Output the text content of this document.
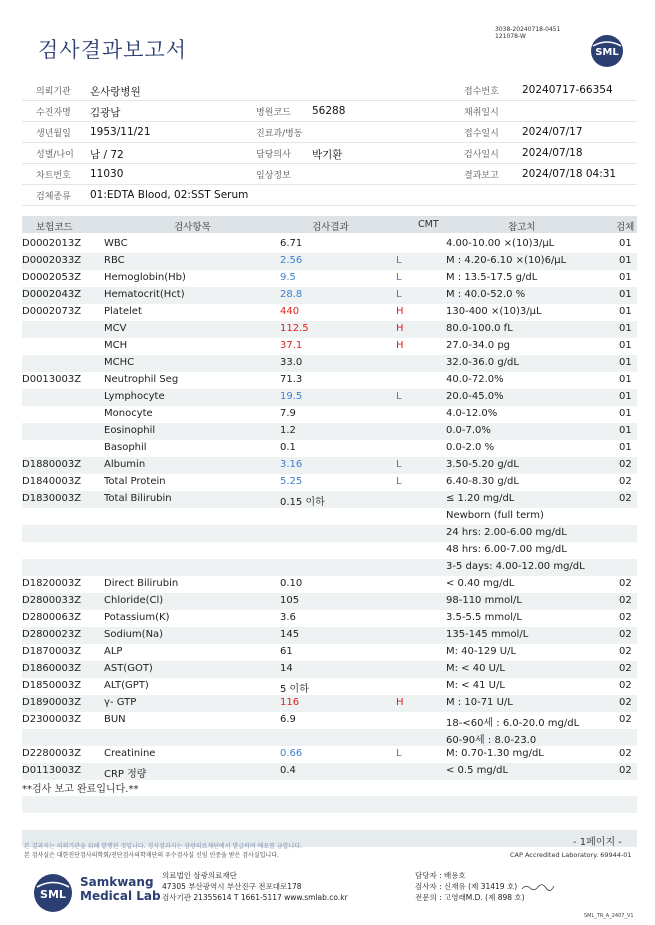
검사결과보고서
3038-20240718-0451
121078-W
SML
의뢰기관 온사랑병원	접수번호 20240717-66354
수진자명 김광남	병원코드 56288	채취일시
생년월일 1953/11/21	진료과/병동	접수일시 2024/07/17
성별/나이 남 / 72	담당의사 박기환	검사일시 2024/07/18
차트번호 11030	임상정보	결과보고 2024/07/18 04:31
검체종류 01:EDTA Blood, 02:SST Serum
보험코드	검사항목	검사결과	CMT	참고치	검체
D0002013Z WBC	6.71	4.00-10.00 ×(10)3/μL	01
D0002033Z RBC	2.56	L	M : 4.20-6.10 ×(10)6/μL	01
D0002053Z Hemoglobin(Hb)	9.5	L	M : 13.5-17.5 g/dL	01
D0002043Z Hematocrit(Hct)	28.8	L	M : 40.0-52.0 %	01
D0002073Z Platelet	440	H	130-400 ×(10)3/μL	01
MCV	112.5	H	80.0-100.0 fL	01
MCH	37.1	H	27.0-34.0 pg	01
MCHC	33.0	32.0-36.0 g/dL	01
D0013003Z Neutrophil Seg	71.3	40.0-72.0%	01
Lymphocyte	19.5	L	20.0-45.0%	01
Monocyte	7.9	4.0-12.0%	01
Eosinophil	1.2	0.0-7.0%	01
Basophil	0.1	0.0-2.0 %	01
D1880003Z Albumin	3.16	L	3.50-5.20 g/dL	02
D1840003Z Total Protein	5.25	L	6.40-8.30 g/dL	02
D1830003Z Total Bilirubin	0.15 이하	≤ 1.20 mg/dL	02
Newborn (full term)
24 hrs: 2.00-6.00 mg/dL
48 hrs: 6.00-7.00 mg/dL
3-5 days: 4.00-12.00 mg/dL
D1820003Z Direct Bilirubin	0.10	< 0.40 mg/dL	02
D2800033Z Chloride(Cl)	105	98-110 mmol/L	02
D2800063Z Potassium(K)	3.6	3.5-5.5 mmol/L	02
D2800023Z Sodium(Na)	145	135-145 mmol/L	02
D1870003Z ALP	61	M: 40-129 U/L	02
D1860003Z AST(GOT)	14	M: < 40 U/L	02
D1850003Z ALT(GPT)	5 이하	M: < 41 U/L	02
D1890003Z γ- GTP	116	H	M : 10-71 U/L	02
D2300003Z BUN	6.9	18-<60세 : 6.0-20.0 mg/dL	02
60-90세 : 8.0-23.0
D2280003Z Creatinine	0.66	L	M: 0.70-1.30 mg/dL	02
D0113003Z CRP 정량	0.4	< 0.5 mg/dL	02
**검사 보고 완료입니다.**
본 결과지는 의뢰기관을 위해 발행된 것입니다. 정식결과지는 삼광의료재단에서 발급하며 배포를 금합니다.
본 검사실은 대한진단검사의학회/진단검사의학재단의 우수검사실 신임 인증을 받은 검사실입니다.
- 1페이지 -
CAP Accredited Laboratory. 69944-01
SML
Samkwang
Medical Lab
의료법인 삼광의료재단
47305 부산광역시 부산진구 전포대로178
검사기관 21355614 T 1661-5117 www.smlab.co.kr
담당자 : 배용호
검사자 : 신재유 (제 31419 호)
전문의 : 고영래M.D. (제 898 호)
SML_TR_A_2407_V1
